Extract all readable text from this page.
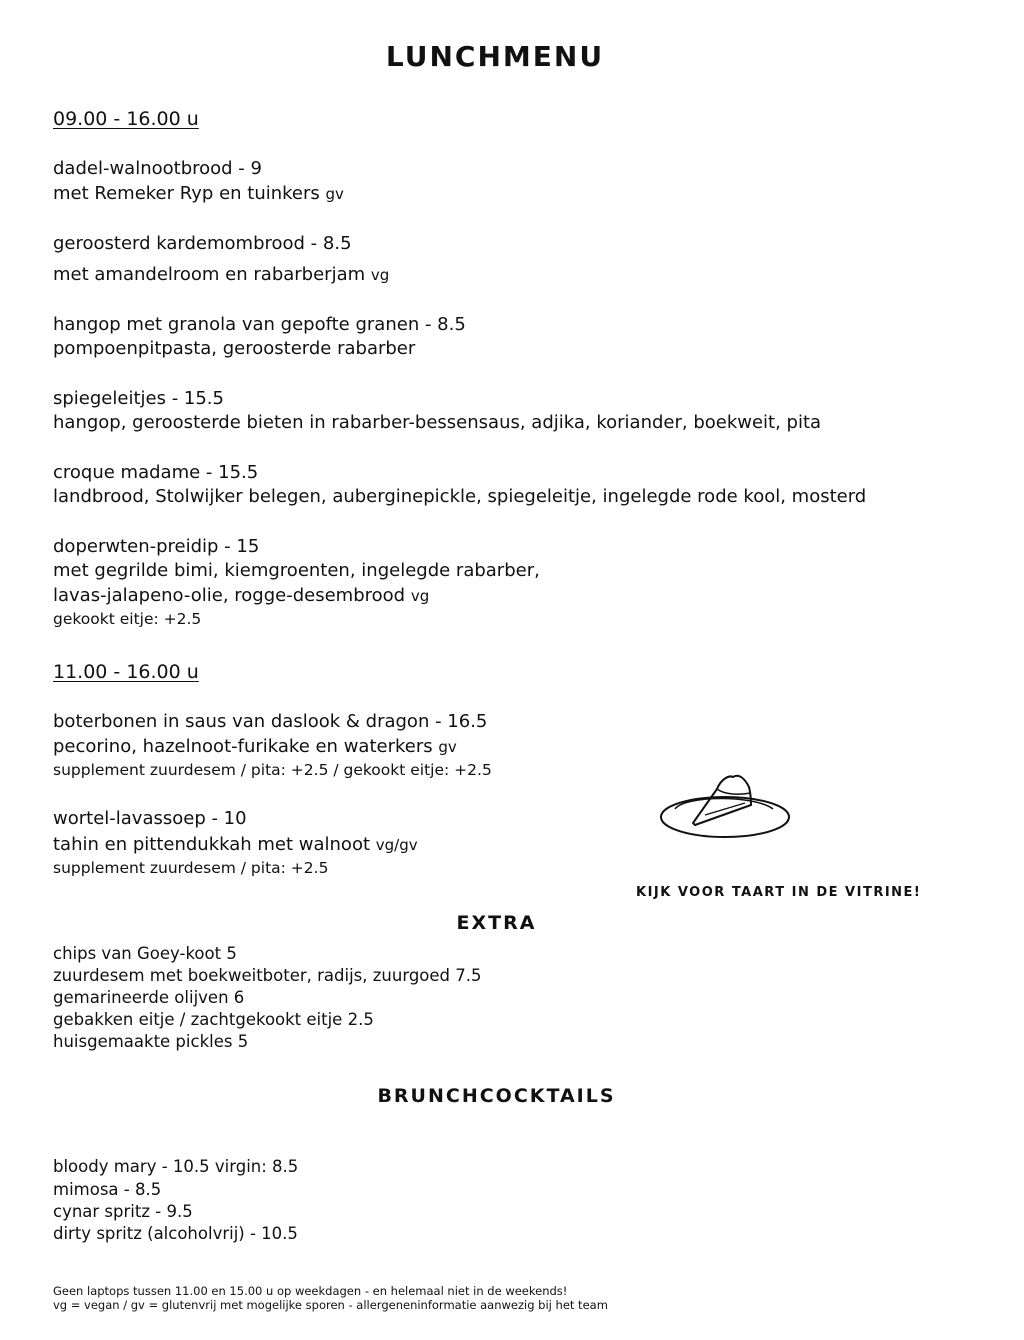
LUNCHMENU
09.00 - 16.00 u
dadel-walnootbrood - 9
met Remeker Ryp en tuinkers gv
geroosterd kardemombrood - 8.5
met amandelroom en rabarberjam vg
hangop met granola van gepofte granen - 8.5
pompoenpitpasta, geroosterde rabarber
spiegeleitjes - 15.5
hangop, geroosterde bieten in rabarber-bessensaus, adjika, koriander, boekweit, pita
croque madame - 15.5
landbrood, Stolwijker belegen, auberginepickle, spiegeleitje, ingelegde rode kool, mosterd
doperwten-preidip - 15
met gegrilde bimi, kiemgroenten, ingelegde rabarber,
lavas-jalapeno-olie, rogge-desembrood vg
gekookt eitje: +2.5
11.00 - 16.00 u
boterbonen in saus van daslook & dragon - 16.5
pecorino, hazelnoot-furikake en waterkers gv
supplement zuurdesem / pita: +2.5 / gekookt eitje: +2.5
wortel-lavassoep - 10
tahin en pittendukkah met walnoot vg/gv
supplement zuurdesem / pita: +2.5
KIJK VOOR TAART IN DE VITRINE!
EXTRA
chips van Goey-koot 5
zuurdesem met boekweitboter, radijs, zuurgoed 7.5
gemarineerde olijven 6
gebakken eitje / zachtgekookt eitje 2.5
huisgemaakte pickles 5
BRUNCHCOCKTAILS
bloody mary - 10.5 virgin: 8.5
mimosa - 8.5
cynar spritz - 9.5
dirty spritz (alcoholvrij) - 10.5
Geen laptops tussen 11.00 en 15.00 u op weekdagen - en helemaal niet in de weekends!
vg = vegan / gv = glutenvrij met mogelijke sporen - allergeneninformatie aanwezig bij het team
